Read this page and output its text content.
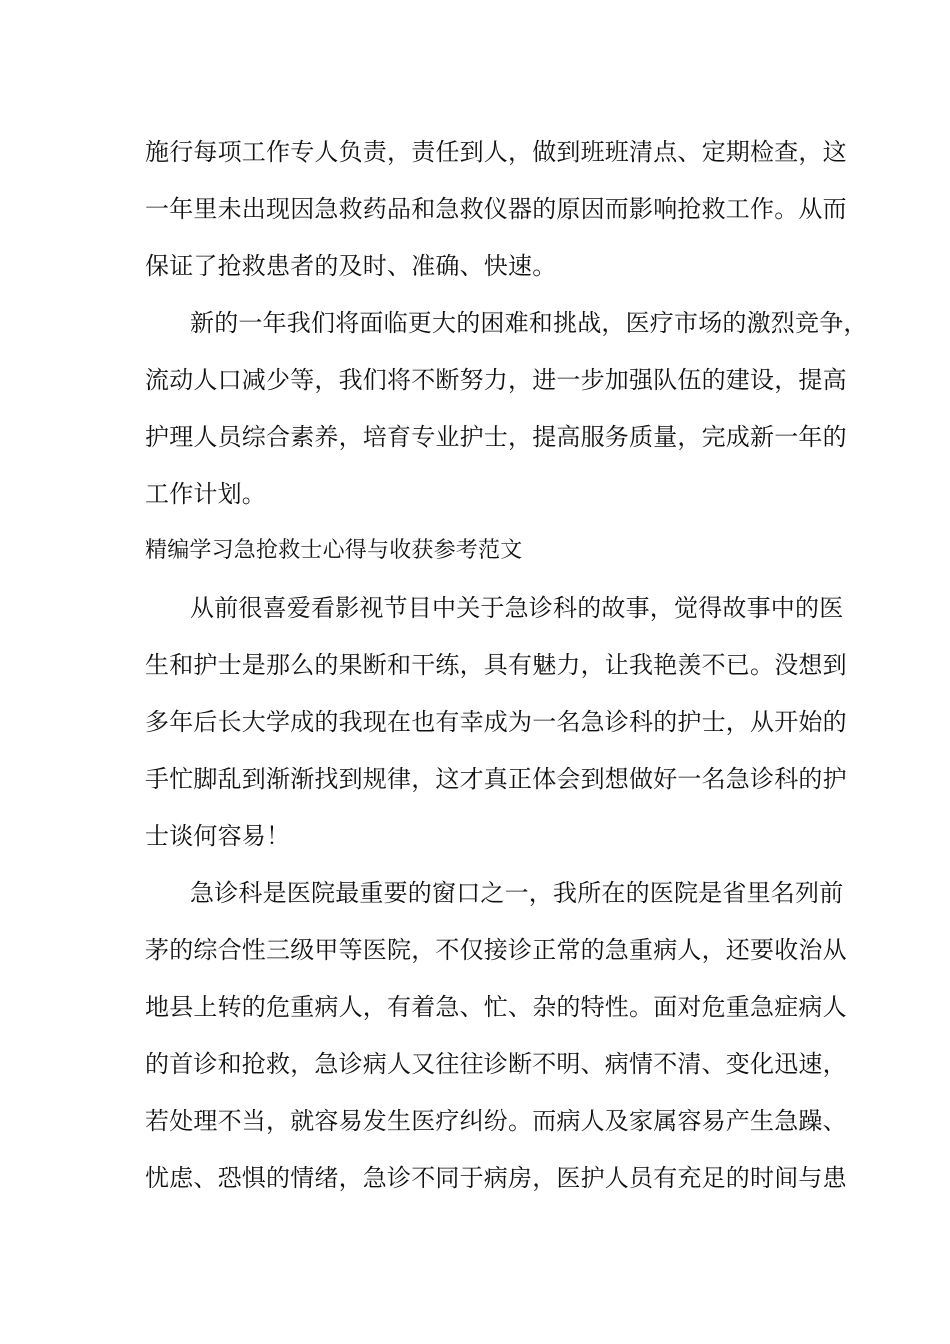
施行每项工作专人负责，责任到人，做到班班清点、定期检查，这
一年里未出现因急救药品和急救仪器的原因而影响抢救工作。从而
保证了抢救患者的及时、准确、快速。
新的一年我们将面临更大的困难和挑战，医疗市场的激烈竞争，
流动人口减少等，我们将不断努力，进一步加强队伍的建设，提高
护理人员综合素养，培育专业护士，提高服务质量，完成新一年的
工作计划。
精编学习急抢救士心得与收获参考范文
从前很喜爱看影视节目中关于急诊科的故事，觉得故事中的医
生和护士是那么的果断和干练，具有魅力，让我艳羡不已。没想到
多年后长大学成的我现在也有幸成为一名急诊科的护士，从开始的
手忙脚乱到渐渐找到规律，这才真正体会到想做好一名急诊科的护
士谈何容易！
急诊科是医院最重要的窗口之一，我所在的医院是省里名列前
茅的综合性三级甲等医院，不仅接诊正常的急重病人，还要收治从
地县上转的危重病人，有着急、忙、杂的特性。面对危重急症病人
的首诊和抢救，急诊病人又往往诊断不明、病情不清、变化迅速，
若处理不当，就容易发生医疗纠纷。而病人及家属容易产生急躁、
忧虑、恐惧的情绪，急诊不同于病房，医护人员有充足的时间与患
